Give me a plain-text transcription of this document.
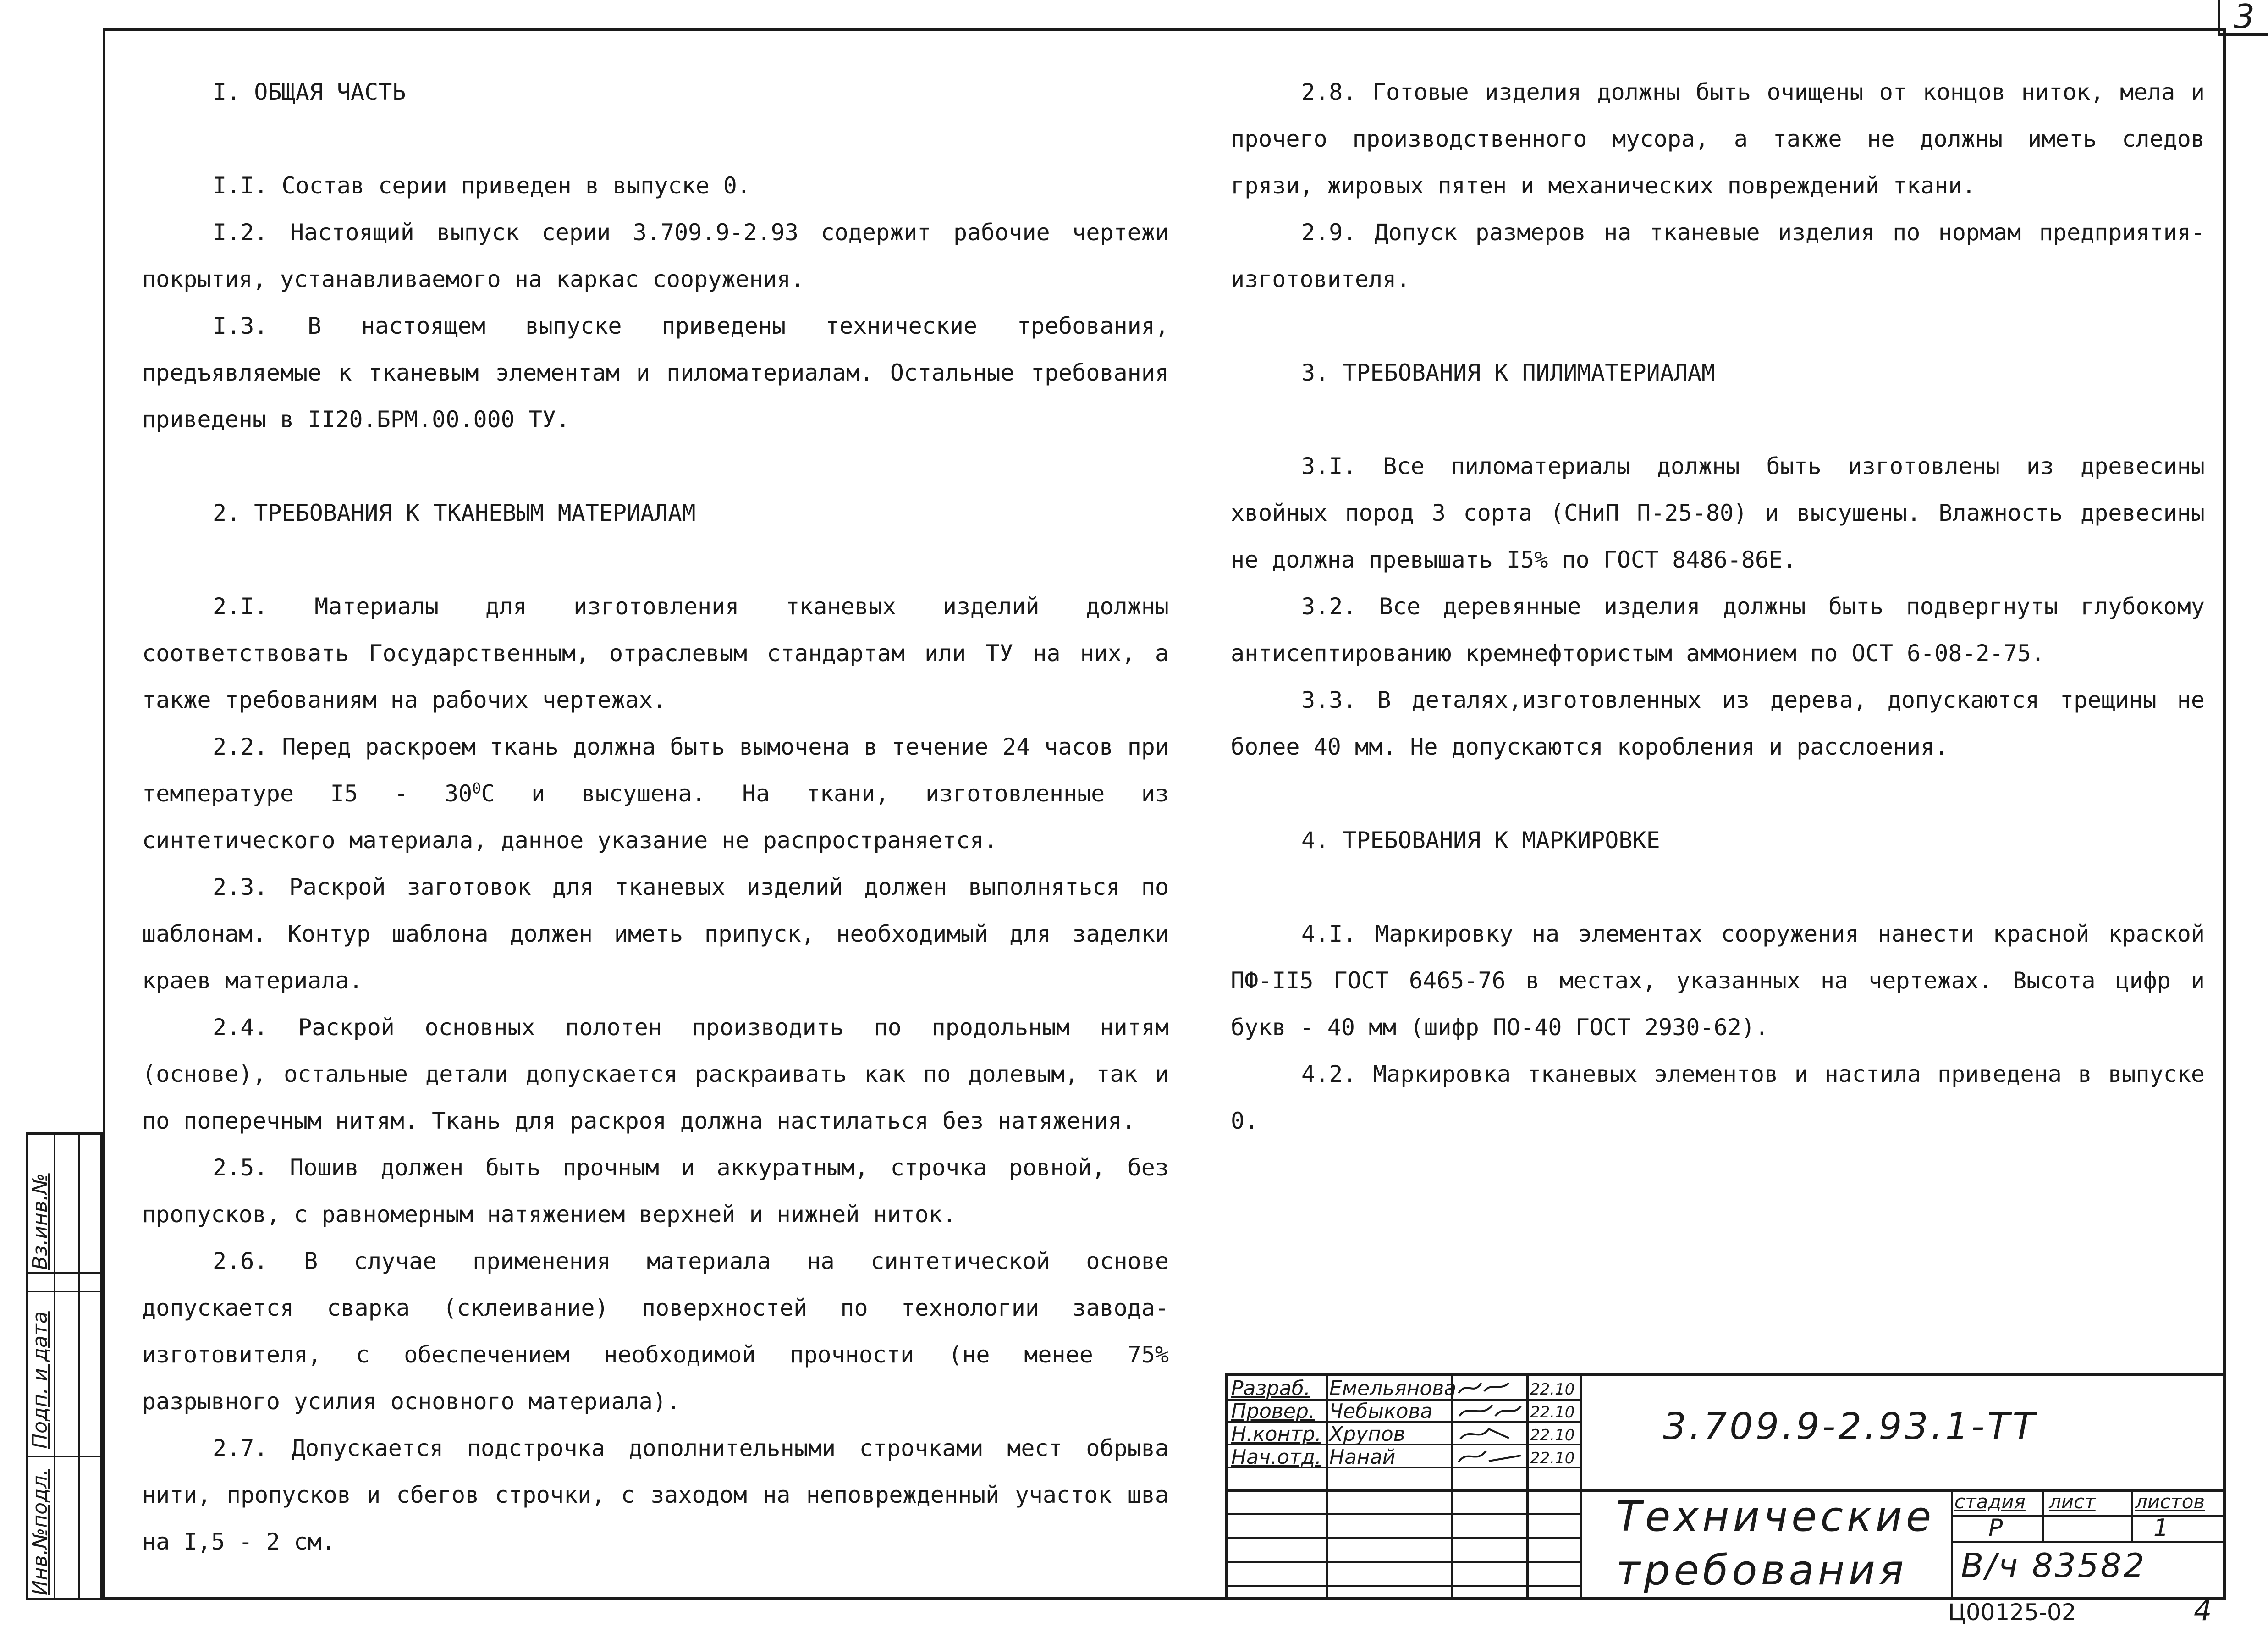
3
Вз.инв.№
Подп. и дата
Инв.№подл.

I. ОБЩАЯ ЧАСТЬ

I.I. Состав серии приведен в выпуске 0.

I.2. Настоящий выпуск серии 3.709.9-2.93 содержит рабочие чертежи покрытия, устанавливаемого на каркас сооружения.

I.3. В настоящем выпуске приведены технические требования, предъявляемые к тканевым элементам и пиломатериалам. Остальные требования приведены в II20.БРМ.00.000 ТУ.

2. ТРЕБОВАНИЯ К ТКАНЕВЫМ МАТЕРИАЛАМ

2.I. Материалы для изготовления тканевых изделий должны соответствовать Государственным, отраслевым стандартам или ТУ на них, а также требованиям на рабочих чертежах.

2.2. Перед раскроем ткань должна быть вымочена в течение 24 часов при температуре $I5 - 30^0C$ и высушена. На ткани, изготовленные из синтетического материала, данное указание не распространяется.

2.3. Раскрой заготовок для тканевых изделий должен выполняться по шаблонам. Контур шаблона должен иметь припуск, необходимый для заделки краев материала.

2.4. Раскрой основных полотен производить по продольным нитям (основе), остальные детали допускается раскраивать как по долевым, так и по поперечным нитям. Ткань для раскроя должна настилаться без натяжения.

2.5. Пошив должен быть прочным и аккуратным, строчка ровной, без пропусков, с равномерным натяжением верхней и нижней ниток.

2.6. В случае применения материала на синтетической основе допускается сварка (склеивание) поверхностей по технологии завода-изготовителя, с обеспечением необходимой прочности (не менее 75% разрывного усилия основного материала).

2.7. Допускается подстрочка дополнительными строчками мест обрыва нити, пропусков и сбегов строчки, с заходом на неповрежденный участок шва на I,5 - 2 см.

2.8. Готовые изделия должны быть очищены от концов ниток, мела и прочего производственного мусора, а также не должны иметь следов грязи, жировых пятен и механических повреждений ткани.

2.9. Допуск размеров на тканевые изделия по нормам предприятия-изготовителя.

3. ТРЕБОВАНИЯ К ПИЛИМАТЕРИАЛАМ

3.I. Все пиломатериалы должны быть изготовлены из древесины хвойных пород 3 сорта (СНиП П-25-80) и высушены. Влажность древесины не должна превышать I5% по ГОСТ 8486-86Е.

3.2. Все деревянные изделия должны быть подвергнуты глубокому антисептированию кремнефтористым аммонием по ОСТ 6-08-2-75.

3.3. В деталях,изготовленных из дерева, допускаются трещины не более 40 мм. Не допускаются коробления и расслоения.

4. ТРЕБОВАНИЯ К МАРКИРОВКЕ

4.I. Маркировку на элементах сооружения нанести красной краской ПФ-II5 ГОСТ 6465-76 в местах, указанных на чертежах. Высота цифр и букв - 40 мм (шифр ПО-40 ГОСТ 2930-62).

4.2. Маркировка тканевых элементов и настила приведена в выпуске 0.

Разраб.
Провер.
Н.контр.
Нач.отд.
Емельянова
Чебыкова
Хрупов
Нанай
22.10
22.10
22.10
22.10
3.709.9-2.93.1-ТТ
Технические
требования
стадия лист листов
Р	1
В/ч 83582
Ц00125-02	4
